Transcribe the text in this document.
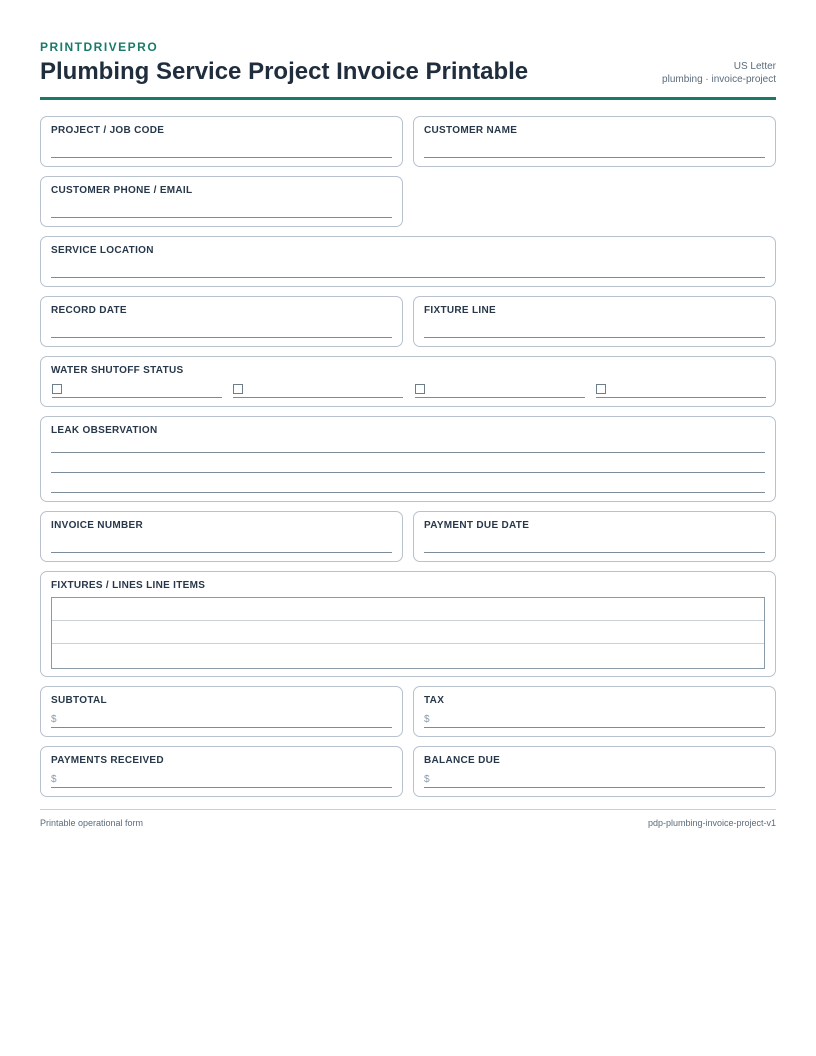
PRINTDRIVEPRO

Plumbing Service Project Invoice Printable	US Letter
plumbing · invoice-project
PROJECT / JOB CODE	CUSTOMER NAME
CUSTOMER PHONE / EMAIL
SERVICE LOCATION
RECORD DATE	FIXTURE LINE
WATER SHUTOFF STATUS
LEAK OBSERVATION
INVOICE NUMBER	PAYMENT DUE DATE
FIXTURES / LINES LINE ITEMS
SUBTOTAL
$
TAX
$
PAYMENTS RECEIVED
$
BALANCE DUE
$
Printable operational form	pdp-plumbing-invoice-project-v1
